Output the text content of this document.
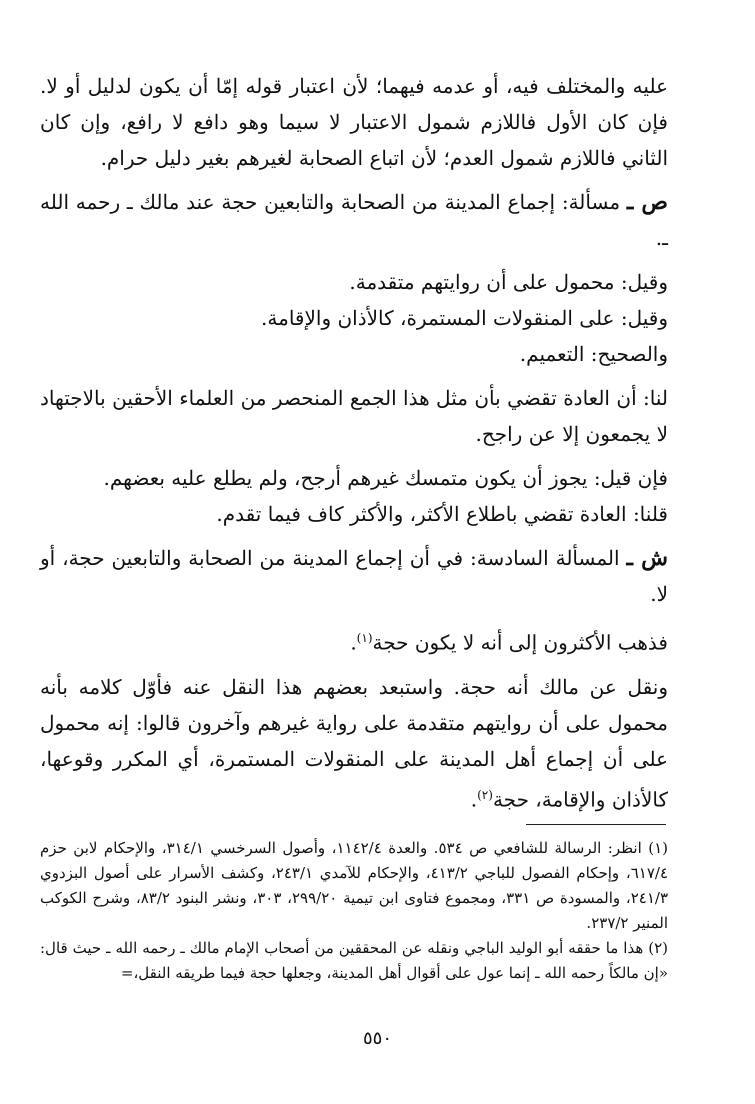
عليه والمختلف فيه، أو عدمه فيهما؛ لأن اعتبار قوله إمّا أن يكون لدليل أو لا. فإن كان الأول فاللازم شمول الاعتبار لا سيما وهو دافع لا رافع، وإن كان الثاني فاللازم شمول العدم؛ لأن اتباع الصحابة لغيرهم بغير دليل حرام.

ص ـ مسألة: إجماع المدينة من الصحابة والتابعين حجة عند مالك ـ رحمه الله ـ.

وقيل: محمول على أن روايتهم متقدمة.

وقيل: على المنقولات المستمرة، كالأذان والإقامة.

والصحيح: التعميم.

لنا: أن العادة تقضي بأن مثل هذا الجمع المنحصر من العلماء الأحقين بالاجتهاد لا يجمعون إلا عن راجح.

فإن قيل: يجوز أن يكون متمسك غيرهم أرجح، ولم يطلع عليه بعضهم.

قلنا: العادة تقضي باطلاع الأكثر، والأكثر كاف فيما تقدم.

ش ـ المسألة السادسة: في أن إجماع المدينة من الصحابة والتابعين حجة، أو لا.

فذهب الأكثرون إلى أنه لا يكون حجة$^{(١)}$.

ونقل عن مالك أنه حجة. واستبعد بعضهم هذا النقل عنه فأوّل كلامه بأنه محمول على أن روايتهم متقدمة على رواية غيرهم وآخرون قالوا: إنه محمول على أن إجماع أهل المدينة على المنقولات المستمرة، أي المكرر وقوعها، كالأذان والإقامة، حجة$^{(٢)}$.

(١) انظر: الرسالة للشافعي ص ٥٣٤. والعدة ١١٤٢/٤، وأصول السرخسي ٣١٤/١، والإحكام لابن حزم ٦١٧/٤، وإحكام الفصول للباجي ٤١٣/٢، والإحكام للآمدي ٢٤٣/١، وكشف الأسرار على أصول البزدوي ٢٤١/٣، والمسودة ص ٣٣١، ومجموع فتاوى ابن تيمية ٢٩٩/٢٠، ٣٠٣، ونشر البنود ٨٣/٢، وشرح الكوكب المنير ٢٣٧/٢.

(٢) هذا ما حققه أبو الوليد الباجي ونقله عن المحققين من أصحاب الإمام مالك ـ رحمه الله ـ حيث قال: «إن مالكاً رحمه الله ـ إنما عول على أقوال أهل المدينة، وجعلها حجة فيما طريقه النقل،=

٥٥٠
